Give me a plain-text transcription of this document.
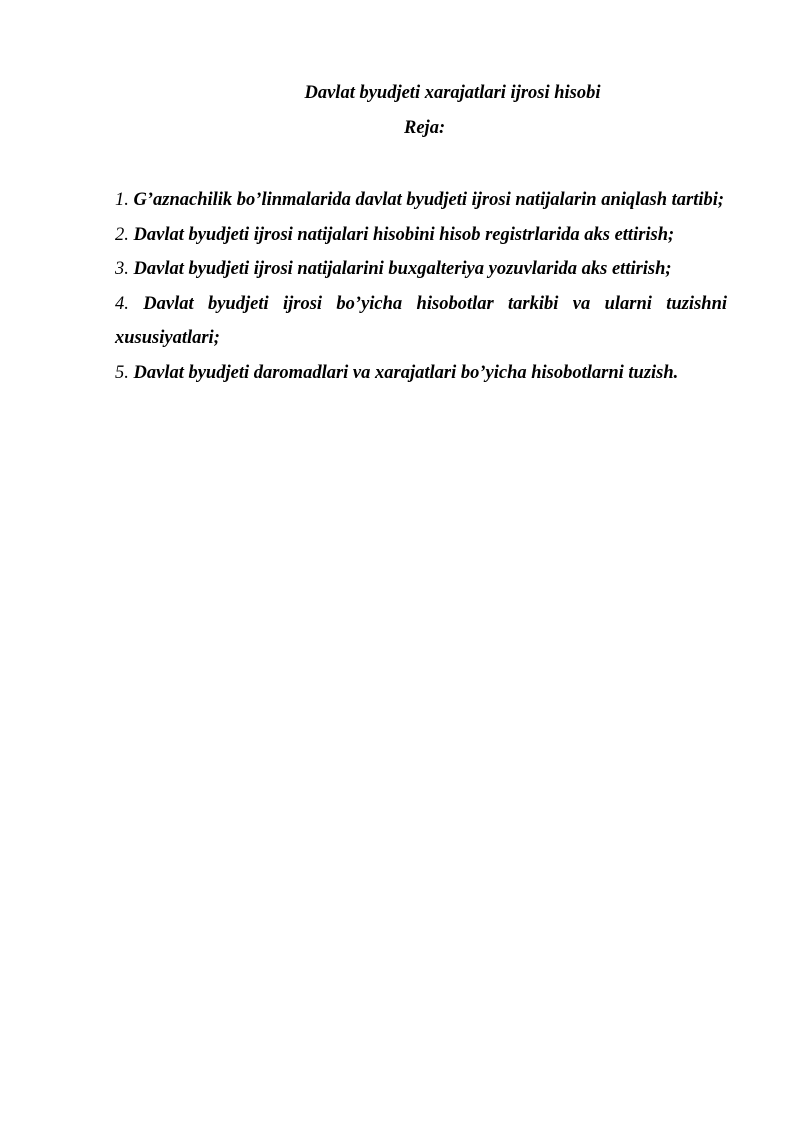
Davlat byudjeti xarajatlari ijrosi hisobi

Reja:

1. G’aznachilik bo’linmalarida davlat byudjeti ijrosi natijalarin aniqlash tartibi;
2. Davlat byudjeti ijrosi natijalari hisobini hisob registrlarida aks ettirish;
3. Davlat byudjeti ijrosi natijalarini buxgalteriya yozuvlarida aks ettirish;
4. Davlat byudjeti ijrosi bo’yicha hisobotlar tarkibi va ularni tuzishni xususiyatlari;
5. Davlat byudjeti daromadlari va xarajatlari bo’yicha hisobotlarni tuzish.
